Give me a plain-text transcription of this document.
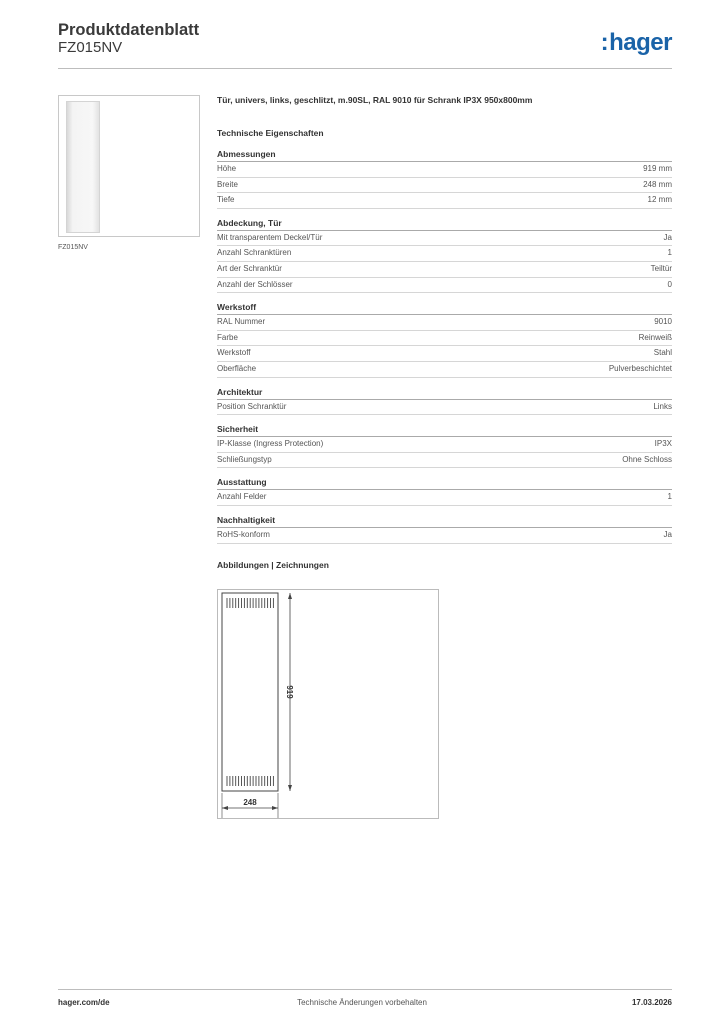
Produktdatenblatt
FZ015NV	:hager
FZ015NV
Tür, univers, links, geschlitzt, m.90SL, RAL 9010 für Schrank IP3X 950x800mm
Technische Eigenschaften
Abmessungen
Höhe	919 mm
Breite	248 mm
Tiefe	12 mm
Abdeckung, Tür
Mit transparentem Deckel/Tür	Ja
Anzahl Schranktüren	1
Art der Schranktür	Teiltür
Anzahl der Schlösser	0
Werkstoff
RAL Nummer	9010
Farbe	Reinweiß
Werkstoff	Stahl
Oberfläche	Pulverbeschichtet
Architektur
Position Schranktür	Links
Sicherheit
IP-Klasse (Ingress Protection)	IP3X
Schließungstyp	Ohne Schloss
Ausstattung
Anzahl Felder	1
Nachhaltigkeit
RoHS-konform	Ja
Abbildungen | Zeichnungen
919
248
hager.com/de	Technische Änderungen vorbehalten	17.03.2026
